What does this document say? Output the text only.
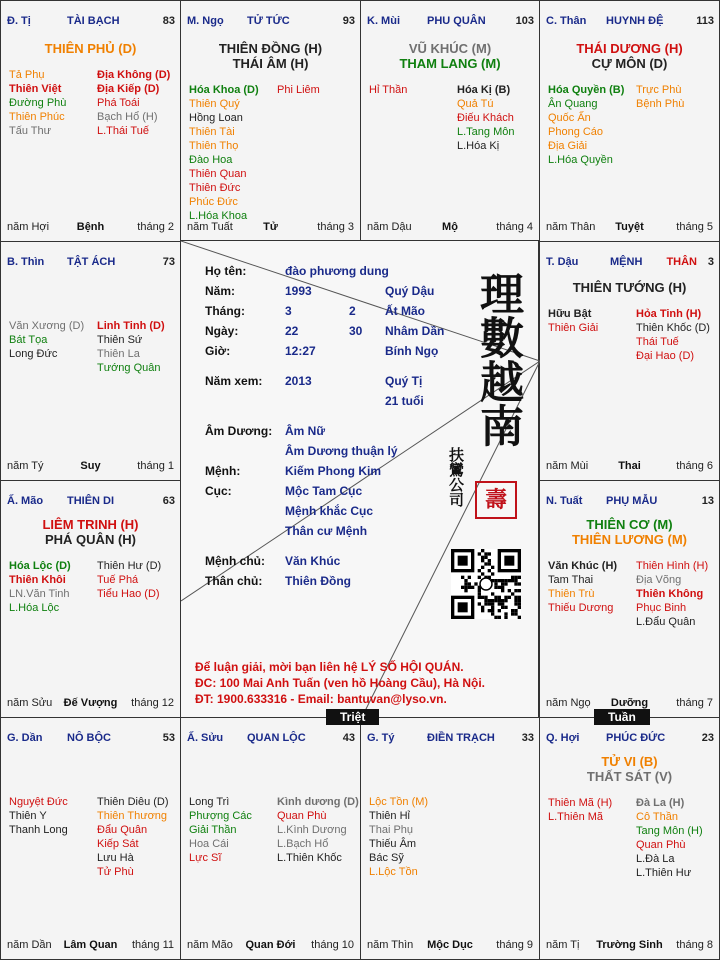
Đ. Tị	TÀI BẠCH	83
THIÊN PHỦ (D)
Tả Phụ
Thiên Việt
Đường Phù
Thiên Phúc
Tấu Thư
Địa Không (D)
Địa Kiếp (D)
Phá Toái
Bạch Hổ (H)
L.Thái Tuế
năm Hợi	Bệnh	tháng 2
M. Ngọ TỬ TỨC	93
THIÊN ĐỒNG (H)
THÁI ÂM (H)
Hóa Khoa (D)
Thiên Quý
Hồng Loan
Thiên Tài
Thiên Thọ
Đào Hoa
Thiên Quan
Thiên Đức
Phúc Đức
L.Hóa Khoa
Phi Liêm
năm Tuất	Tử	tháng 3
K. Mùi PHU QUÂN	103
VŨ KHÚC (M)
THAM LANG (M)
Hỉ Thần	Hóa Kị (B)
Quả Tú
Điếu Khách
L.Tang Môn
L.Hóa Kị
năm Dậu	Mộ	tháng 4
C. Thân HUYNH ĐỆ	113
THÁI DƯƠNG (H)
CỰ MÔN (D)
Hóa Quyền (B)
Ân Quang
Quốc Ấn
Phong Cáo
Địa Giải
L.Hóa Quyền
Trực Phù
Bệnh Phù
năm Thân	Tuyệt	tháng 5
B. Thìn TẬT ÁCH	73
Văn Xương (D)
Bát Tọa
Long Đức
Linh Tinh (D)
Thiên Sứ
Thiên La
Tướng Quân
năm Tý	Suy	tháng 1
T. Dậu	MỆNH THÂN 3
THIÊN TƯỚNG (H)
Hữu Bật
Thiên Giải
Hỏa Tinh (H)
Thiên Khốc (D)
Thái Tuế
Đại Hao (D)
năm Mùi	Thai	tháng 6
Ấ. Mão THIÊN DI	63
LIÊM TRINH (H)
PHÁ QUÂN (H)
Hóa Lộc (D)
Thiên Khôi
LN.Văn Tinh
L.Hóa Lộc
Thiên Hư (D)
Tuế Phá
Tiểu Hao (D)
năm Sửu	Đế Vượng	tháng 12
N. Tuất PHỤ MẪU	13
THIÊN CƠ (M)
THIÊN LƯƠNG (M)
Văn Khúc (H)
Tam Thai
Thiên Trù
Thiếu Dương
Thiên Hình (H)
Địa Võng
Thiên Không
Phục Binh
L.Đẩu Quân
năm Ngọ	Dưỡng	tháng 7
G. Dần NÔ BỘC	53
Nguyệt Đức
Thiên Y
Thanh Long
Thiên Diêu (D)
Thiên Thương
Đẩu Quân
Kiếp Sát
Lưu Hà
Tử Phù
năm Dần	Lâm Quan	tháng 11
Ấ. Sửu QUAN LỘC	43
Long Trì
Phượng Các
Giải Thần
Hoa Cái
Lực Sĩ
Kình dương (D)
Quan Phù
L.Kình Dương
L.Bạch Hổ
L.Thiên Khốc
năm Mão	Quan Đới	tháng 10
G. Tý	ĐIỀN TRẠCH 33
Lộc Tồn (M)
Thiên Hỉ
Thai Phụ
Thiếu Âm
Bác Sỹ
L.Lộc Tồn
năm Thìn	Mộc Dục	tháng 9
Q. Hợi PHÚC ĐỨC	23
TỬ VI (B)
THẤT SÁT (V)
Thiên Mã (H)
L.Thiên Mã
Đà La (H)
Cô Thần
Tang Môn (H)
Quan Phù
L.Đà La
L.Thiên Hư
năm Tị	Trường Sinh	tháng 8
Họ tên:	đào phương dung
Năm:	1993	Quý Dậu
Tháng:	3	2 Ất Mão
Ngày:	22	30 Nhâm Dần
Giờ:	12:27	Bính Ngọ
Năm xem: 2013	Quý Tị
21 tuổi
Âm Dương: Âm Nữ
Âm Dương thuận lý
Mệnh:	Kiếm Phong Kim
Cục:	Mộc Tam Cục
Mệnh khắc Cục
Thân cư Mệnh
Mệnh chủ: Văn Khúc
Thân chủ: Thiên Đồng
理數越南
扶鸞公司 壽
Để luận giải, mời bạn liên hệ LÝ SỐ HỘI QUÁN.
ĐC: 100 Mai Anh Tuấn (ven hồ Hoàng Cầu), Hà Nội.
ĐT: 1900.633316 - Email: bantuvan@lyso.vn.
Triệt	Tuần
